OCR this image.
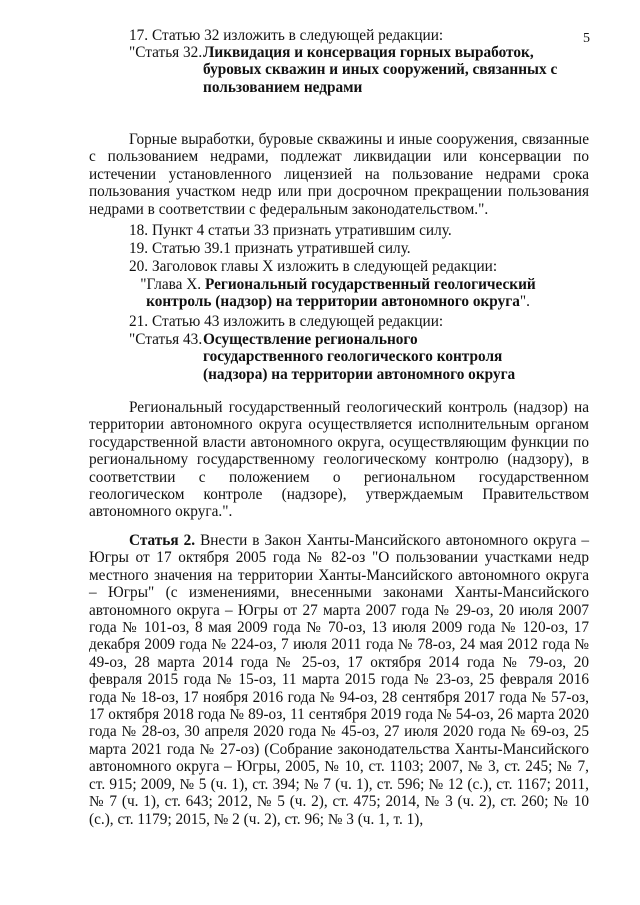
5

17. Статью 32 изложить в следующей редакции:

"Статья 32. Ликвидация и консервация горных выработок, буровых скважин и иных сооружений, связанных с пользованием недрами

Горные выработки, буровые скважины и иные сооружения, связанные с пользованием недрами, подлежат ликвидации или консервации по истечении установленного лицензией на пользование недрами срока пользования участком недр или при досрочном прекращении пользования недрами в соответствии с федеральным законодательством.".

18. Пункт 4 статьи 33 признать утратившим силу.

19. Статью 39.1 признать утратившей силу.

20. Заголовок главы X изложить в следующей редакции:

"Глава X. Региональный государственный геологический контроль (надзор) на территории автономного округа".

21. Статью 43 изложить в следующей редакции:

"Статья 43. Осуществление регионального государственного геологического контроля (надзора) на территории автономного округа

Региональный государственный геологический контроль (надзор) на территории автономного округа осуществляется исполнительным органом государственной власти автономного округа, осуществляющим функции по региональному государственному геологическому контролю (надзору), в соответствии с положением о региональном государственном геологическом контроле (надзоре), утверждаемым Правительством автономного округа.".

Статья 2. Внести в Закон Ханты-Мансийского автономного округа – Югры от 17 октября 2005 года № 82-оз "О пользовании участками недр местного значения на территории Ханты-Мансийского автономного округа – Югры" (с изменениями, внесенными законами Ханты-Мансийского автономного округа – Югры от 27 марта 2007 года № 29-оз, 20 июля 2007 года № 101-оз, 8 мая 2009 года № 70-оз, 13 июля 2009 года № 120-оз, 17 декабря 2009 года № 224-оз, 7 июля 2011 года № 78-оз, 24 мая 2012 года № 49-оз, 28 марта 2014 года № 25-оз, 17 октября 2014 года № 79-оз, 20 февраля 2015 года № 15-оз, 11 марта 2015 года № 23-оз, 25 февраля 2016 года № 18-оз, 17 ноября 2016 года № 94-оз, 28 сентября 2017 года № 57-оз, 17 октября 2018 года № 89-оз, 11 сентября 2019 года № 54-оз, 26 марта 2020 года № 28-оз, 30 апреля 2020 года № 45-оз, 27 июля 2020 года № 69-оз, 25 марта 2021 года № 27-оз) (Собрание законодательства Ханты-Мансийского автономного округа – Югры, 2005, № 10, ст. 1103; 2007, № 3, ст. 245; № 7, ст. 915; 2009, № 5 (ч. 1), ст. 394; № 7 (ч. 1), ст. 596; № 12 (с.), ст. 1167; 2011, № 7 (ч. 1), ст. 643; 2012, № 5 (ч. 2), ст. 475; 2014, № 3 (ч. 2), ст. 260; № 10 (с.), ст. 1179; 2015, № 2 (ч. 2), ст. 96; № 3 (ч. 1, т. 1),
